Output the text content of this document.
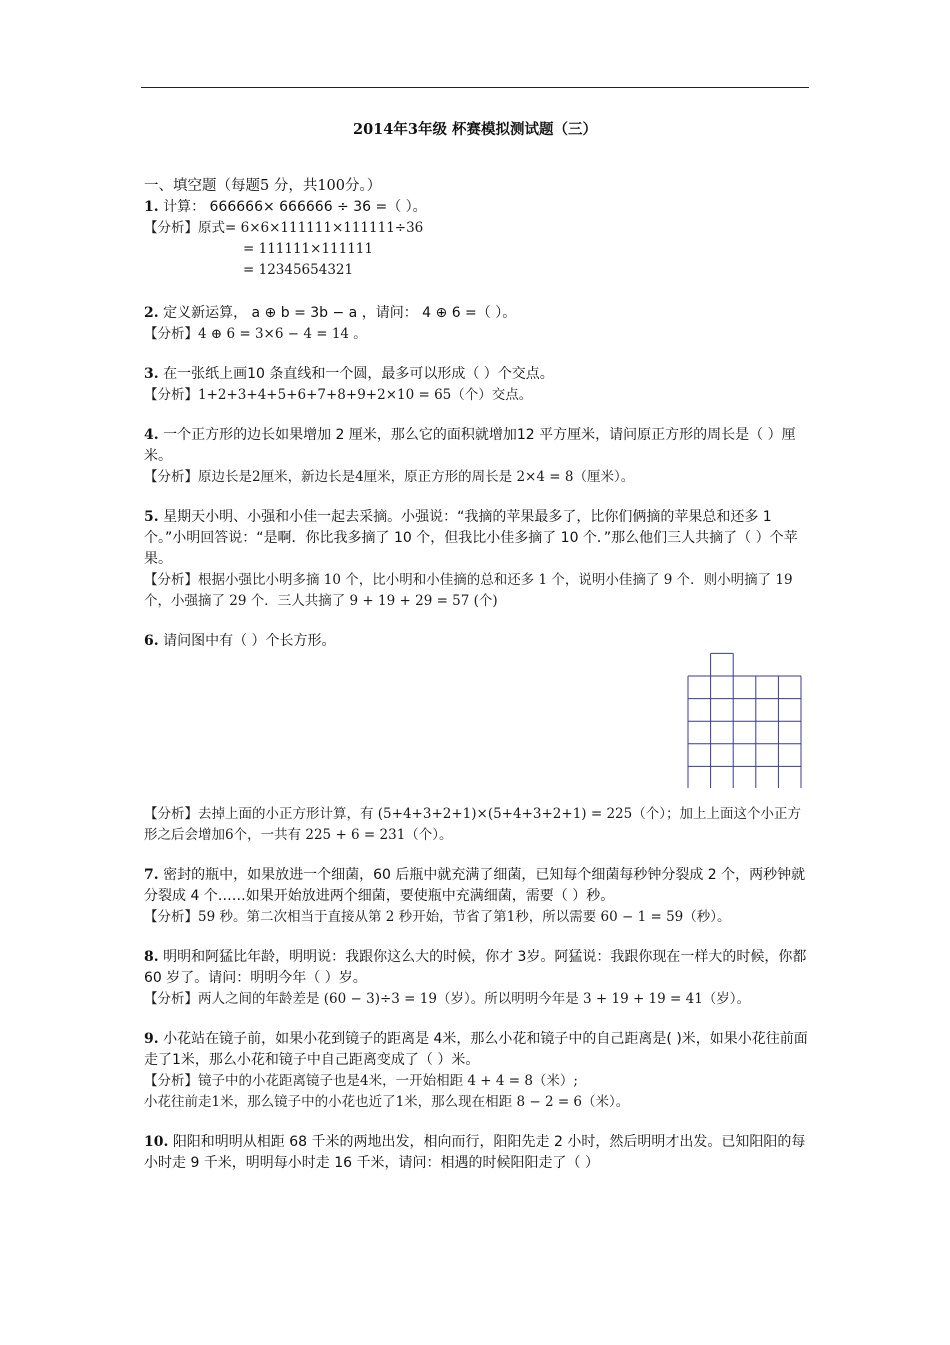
2014年3年级 杯赛模拟测试题（三）

一、填空题（每题5 分，共100分。）

1. 计算： 666666× 666666 ÷ 36 =（ ）。

【分析】原式= 6×6×111111×111111÷36

= 111111×111111

= 12345654321

2. 定义新运算， a ⊕ b = 3b − a ，请问： 4 ⊕ 6 =（ ）。

【分析】4 ⊕ 6 = 3×6 − 4 = 14 。

3. 在一张纸上画10 条直线和一个圆，最多可以形成（ ）个交点。

【分析】1+2+3+4+5+6+7+8+9+2×10 = 65（个）交点。

4. 一个正方形的边长如果增加 2 厘米，那么它的面积就增加12 平方厘米，请问原正方形的周长是（ ）厘米。

【分析】原边长是2厘米，新边长是4厘米，原正方形的周长是 2×4 = 8（厘米）。

5. 星期天小明、小强和小佳一起去采摘。小强说：“我摘的苹果最多了，比你们俩摘的苹果总和还多 1 个。”小明回答说：“是啊．你比我多摘了 10 个，但我比小佳多摘了 10 个．”那么他们三人共摘了（ ）个苹果。

【分析】根据小强比小明多摘 10 个，比小明和小佳摘的总和还多 1 个，说明小佳摘了 9 个．则小明摘了 19 个，小强摘了 29 个．三人共摘了 9 + 19 + 29 = 57 (个)

6. 请问图中有（ ）个长方形。

【分析】去掉上面的小正方形计算，有 (5+4+3+2+1)×(5+4+3+2+1) = 225（个）；加上上面这个小正方形之后会增加6个，一共有 225 + 6 = 231（个）。

7. 密封的瓶中，如果放进一个细菌，60 后瓶中就充满了细菌，已知每个细菌每秒钟分裂成 2 个，两秒钟就分裂成 4 个……如果开始放进两个细菌，要使瓶中充满细菌，需要（ ）秒。

【分析】59 秒。第二次相当于直接从第 2 秒开始，节省了第1秒，所以需要 60 − 1 = 59（秒）。

8. 明明和阿猛比年龄，明明说：我跟你这么大的时候，你才 3岁。阿猛说：我跟你现在一样大的时候，你都 60 岁了。请问：明明今年（ ）岁。

【分析】两人之间的年龄差是 (60 − 3)÷3 = 19（岁）。所以明明今年是 3 + 19 + 19 = 41（岁）。

9. 小花站在镜子前，如果小花到镜子的距离是 4米，那么小花和镜子中的自己距离是( )米，如果小花往前面走了1米，那么小花和镜子中自己距离变成了（ ）米。

【分析】镜子中的小花距离镜子也是4米，一开始相距 4 + 4 = 8（米）;

小花往前走1米，那么镜子中的小花也近了1米，那么现在相距 8 − 2 = 6（米）。

10. 阳阳和明明从相距 68 千米的两地出发，相向而行，阳阳先走 2 小时，然后明明才出发。已知阳阳的每小时走 9 千米，明明每小时走 16 千米，请问：相遇的时候阳阳走了（ ）
